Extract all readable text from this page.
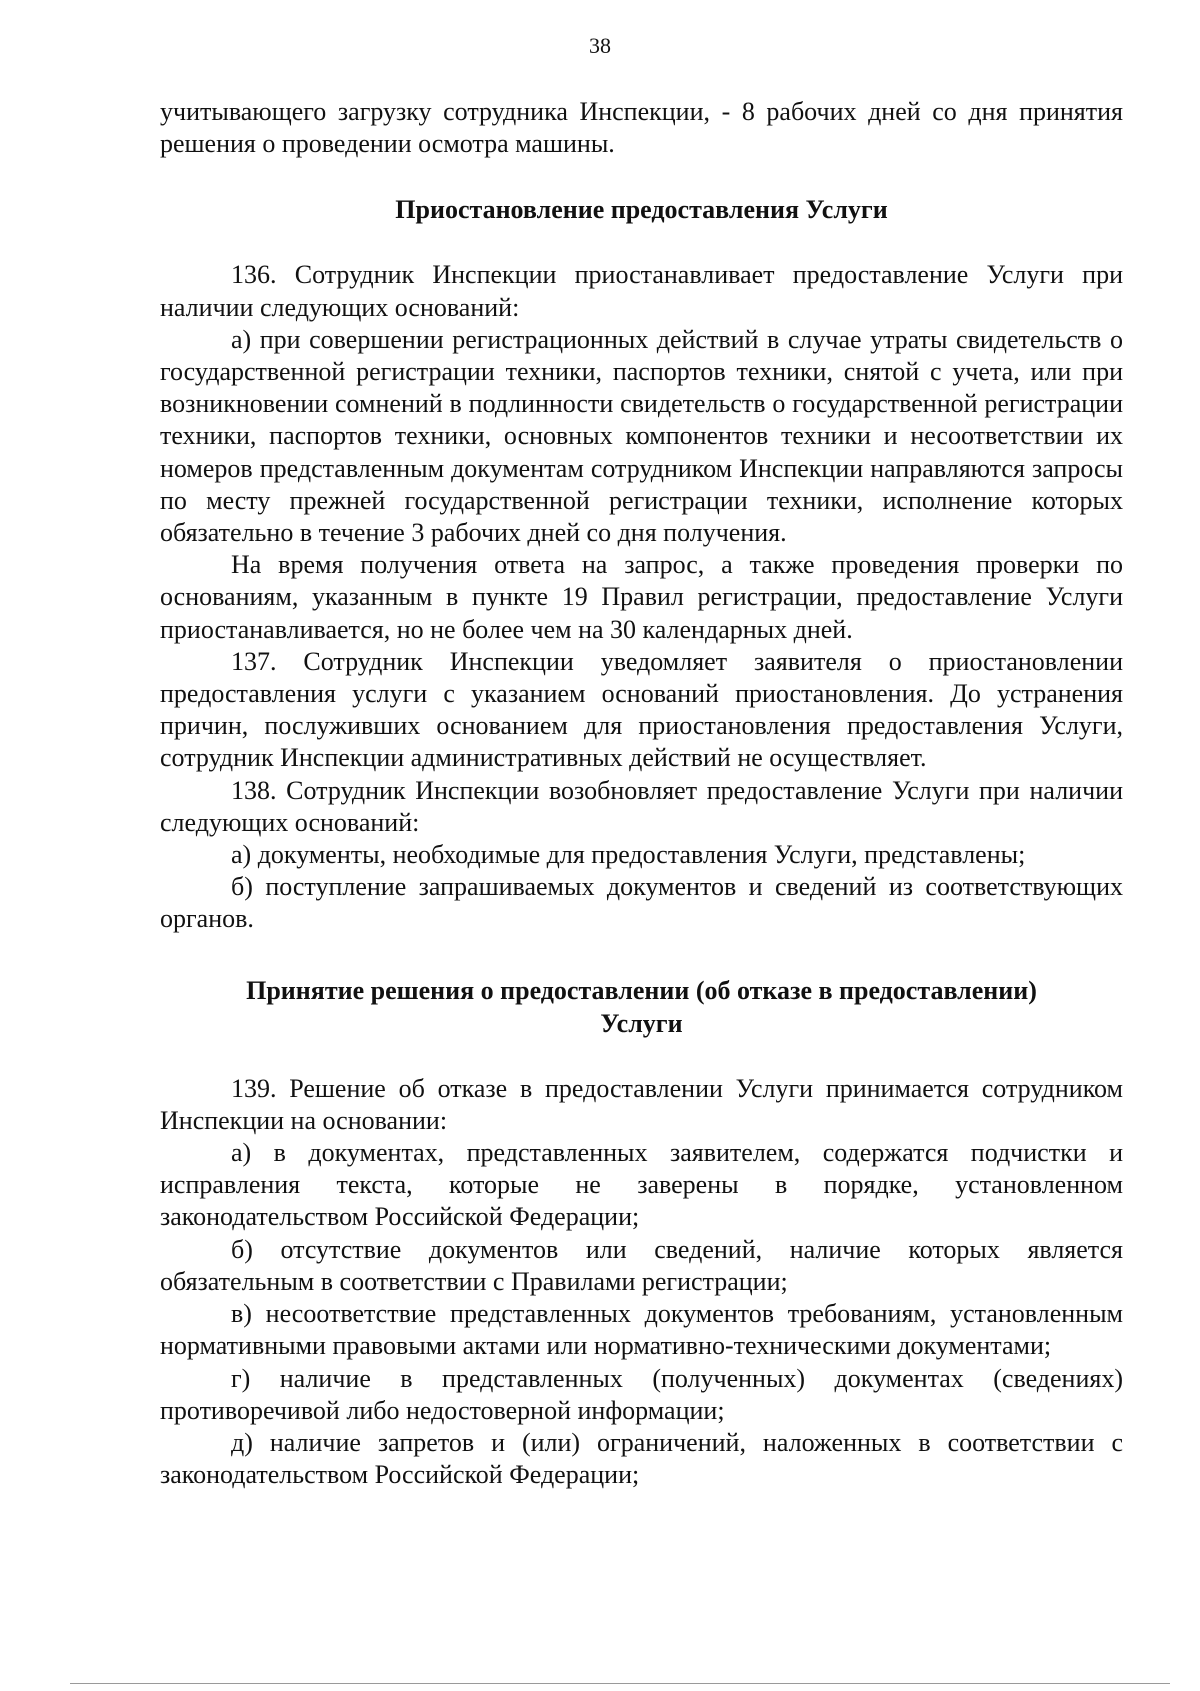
38

учитывающего загрузку сотрудника Инспекции, - 8 рабочих дней со дня принятия решения о проведении осмотра машины.

Приостановление предоставления Услуги

136. Сотрудник Инспекции приостанавливает предоставление Услуги при наличии следующих оснований:

а) при совершении регистрационных действий в случае утраты свидетельств о государственной регистрации техники, паспортов техники, снятой с учета, или при возникновении сомнений в подлинности свидетельств о государственной регистрации техники, паспортов техники, основных компонентов техники и несоответствии их номеров представленным документам сотрудником Инспекции направляются запросы по месту прежней государственной регистрации техники, исполнение которых обязательно в течение 3 рабочих дней со дня получения.

На время получения ответа на запрос, а также проведения проверки по основаниям, указанным в пункте 19 Правил регистрации, предоставление Услуги приостанавливается, но не более чем на 30 календарных дней.

137. Сотрудник Инспекции уведомляет заявителя о приостановлении предоставления услуги с указанием оснований приостановления. До устранения причин, послуживших основанием для приостановления предоставления Услуги, сотрудник Инспекции административных действий не осуществляет.

138. Сотрудник Инспекции возобновляет предоставление Услуги при наличии следующих оснований:

а) документы, необходимые для предоставления Услуги, представлены;

б) поступление запрашиваемых документов и сведений из соответствующих органов.

Принятие решения о предоставлении (об отказе в предоставлении)
Услуги

139. Решение об отказе в предоставлении Услуги принимается сотрудником Инспекции на основании:

а) в документах, представленных заявителем, содержатся подчистки и исправления текста, которые не заверены в порядке, установленном законодательством Российской Федерации;

б) отсутствие документов или сведений, наличие которых является обязательным в соответствии с Правилами регистрации;

в) несоответствие представленных документов требованиям, установленным нормативными правовыми актами или нормативно-техническими документами;

г) наличие в представленных (полученных) документах (сведениях) противоречивой либо недостоверной информации;

д) наличие запретов и (или) ограничений, наложенных в соответствии с законодательством Российской Федерации;
